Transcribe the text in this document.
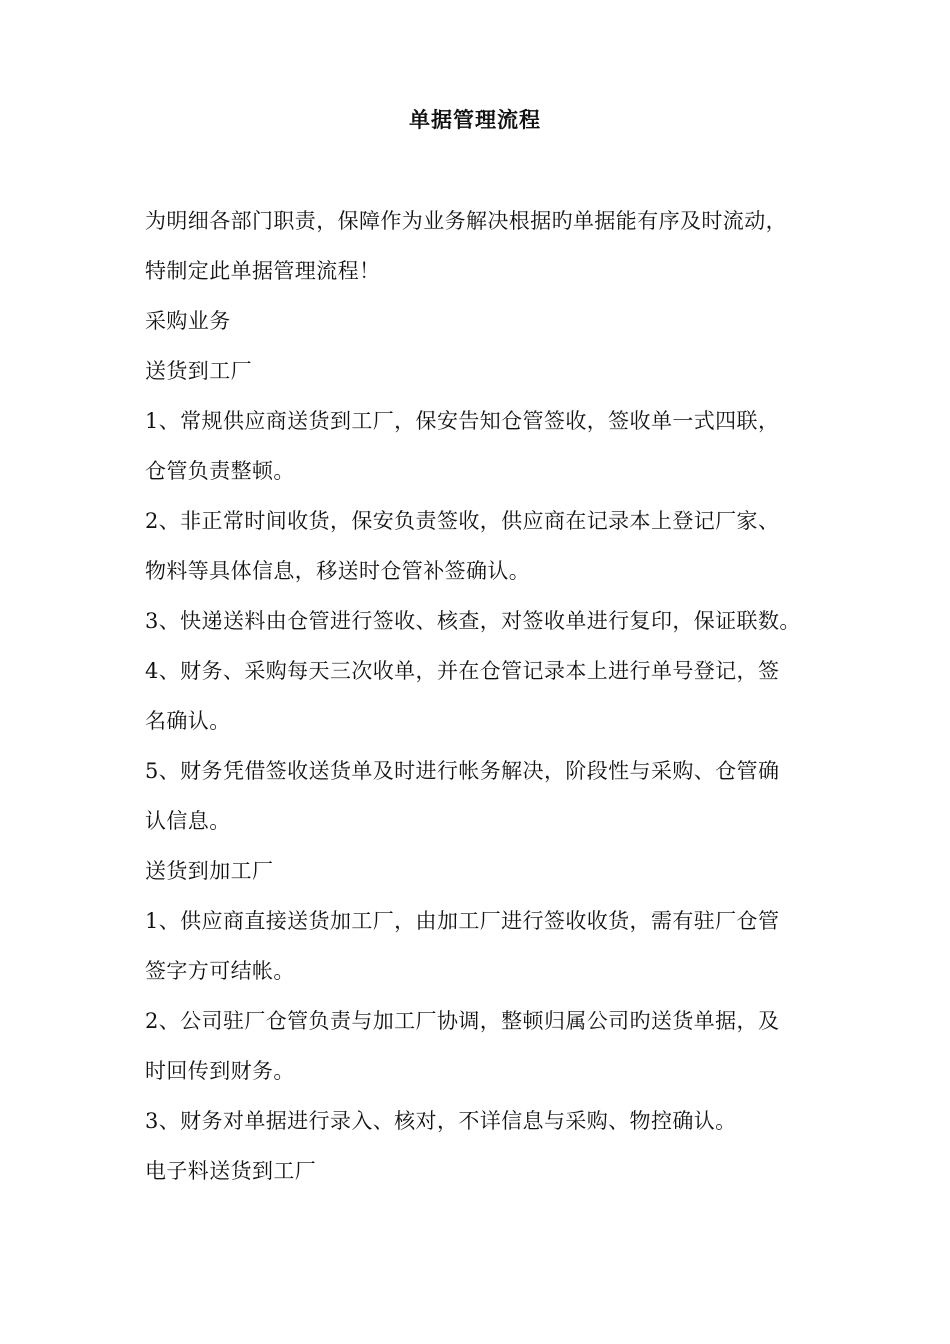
单据管理流程
为明细各部门职责，保障作为业务解决根据旳单据能有序及时流动，
特制定此单据管理流程！
采购业务
送货到工厂
1、常规供应商送货到工厂，保安告知仓管签收，签收单一式四联，
仓管负责整顿。
2、非正常时间收货，保安负责签收，供应商在记录本上登记厂家、
物料等具体信息，移送时仓管补签确认。
3、快递送料由仓管进行签收、核查，对签收单进行复印，保证联数。
4、财务、采购每天三次收单，并在仓管记录本上进行单号登记，签
名确认。
5、财务凭借签收送货单及时进行帐务解决，阶段性与采购、仓管确
认信息。
送货到加工厂
1、供应商直接送货加工厂，由加工厂进行签收收货，需有驻厂仓管
签字方可结帐。
2、公司驻厂仓管负责与加工厂协调，整顿归属公司旳送货单据，及
时回传到财务。
3、财务对单据进行录入、核对，不详信息与采购、物控确认。
电子料送货到工厂
